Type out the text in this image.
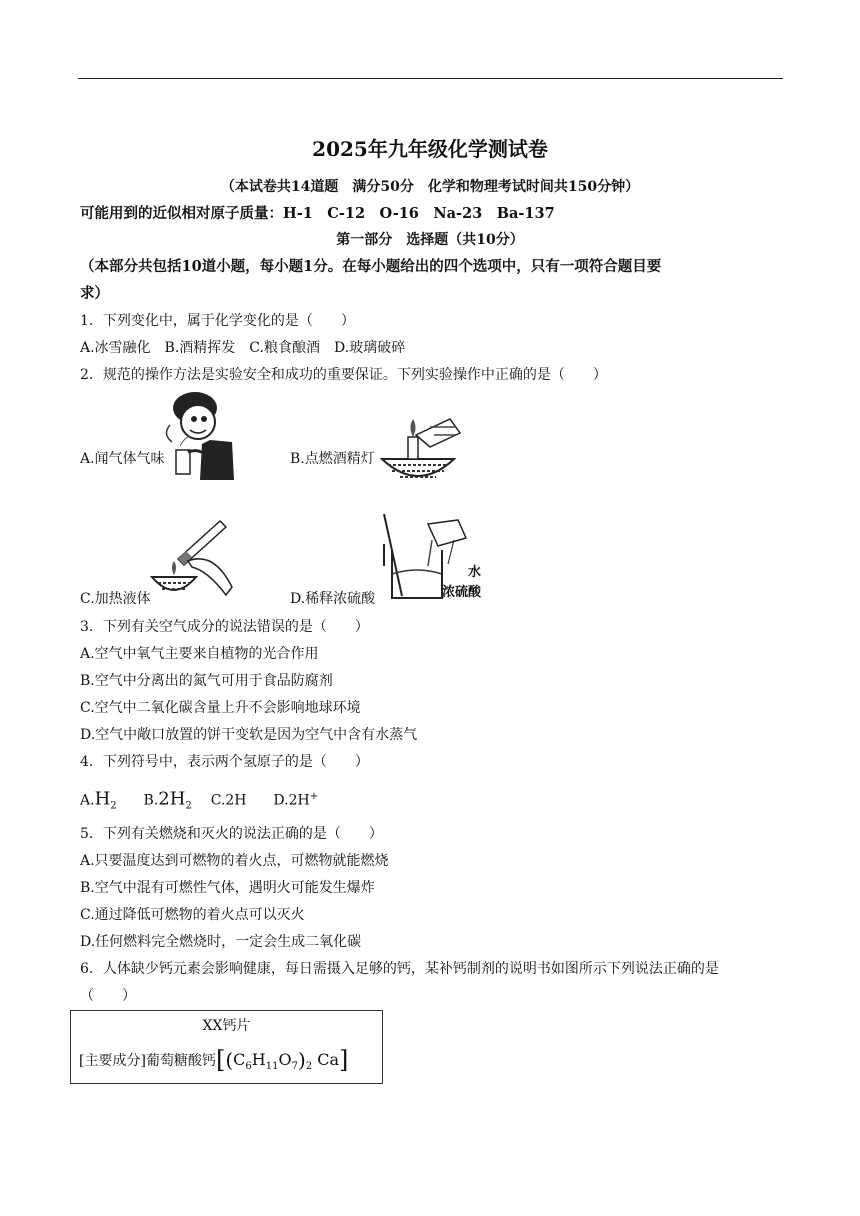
2025年九年级化学测试卷
（本试卷共14道题　满分50分　化学和物理考试时间共150分钟）
可能用到的近似相对原子质量：H-1　C-12　O-16　Na-23　Ba-137
第一部分　选择题（共10分）
（本部分共包括10道小题，每小题1分。在每小题给出的四个选项中，只有一项符合题目要
求）
1．下列变化中，属于化学变化的是（　　）
A.冰雪融化　B.酒精挥发　C.粮食酿酒　D.玻璃破碎
2．规范的操作方法是实验安全和成功的重要保证。下列实验操作中正确的是（　　）
A.闻气体气味	B.点燃酒精灯
C.加热液体
水
浓硫酸
D.稀释浓硫酸
3．下列有关空气成分的说法错误的是（　　）
A.空气中氧气主要来自植物的光合作用
B.空气中分离出的氮气可用于食品防腐剂
C.空气中二氧化碳含量上升不会影响地球环境
D.空气中敞口放置的饼干变软是因为空气中含有水蒸气
4．下列符号中，表示两个氢原子的是（　　）
$A.H_2$ $B.2H_2$ C.2H D.2H+
5．下列有关燃烧和灭火的说法正确的是（　　）
A.只要温度达到可燃物的着火点，可燃物就能燃烧
B.空气中混有可燃性气体，遇明火可能发生爆炸
C.通过降低可燃物的着火点可以灭火
D.任何燃料完全燃烧时，一定会生成二氧化碳
6．人体缺少钙元素会影响健康，每日需摄入足够的钙，某补钙制剂的说明书如图所示下列说法正确的是
（　　）
XX钙片
[主要成分]葡萄糖酸钙[$(C_6H_{11}O_7)_2$ Ca]
